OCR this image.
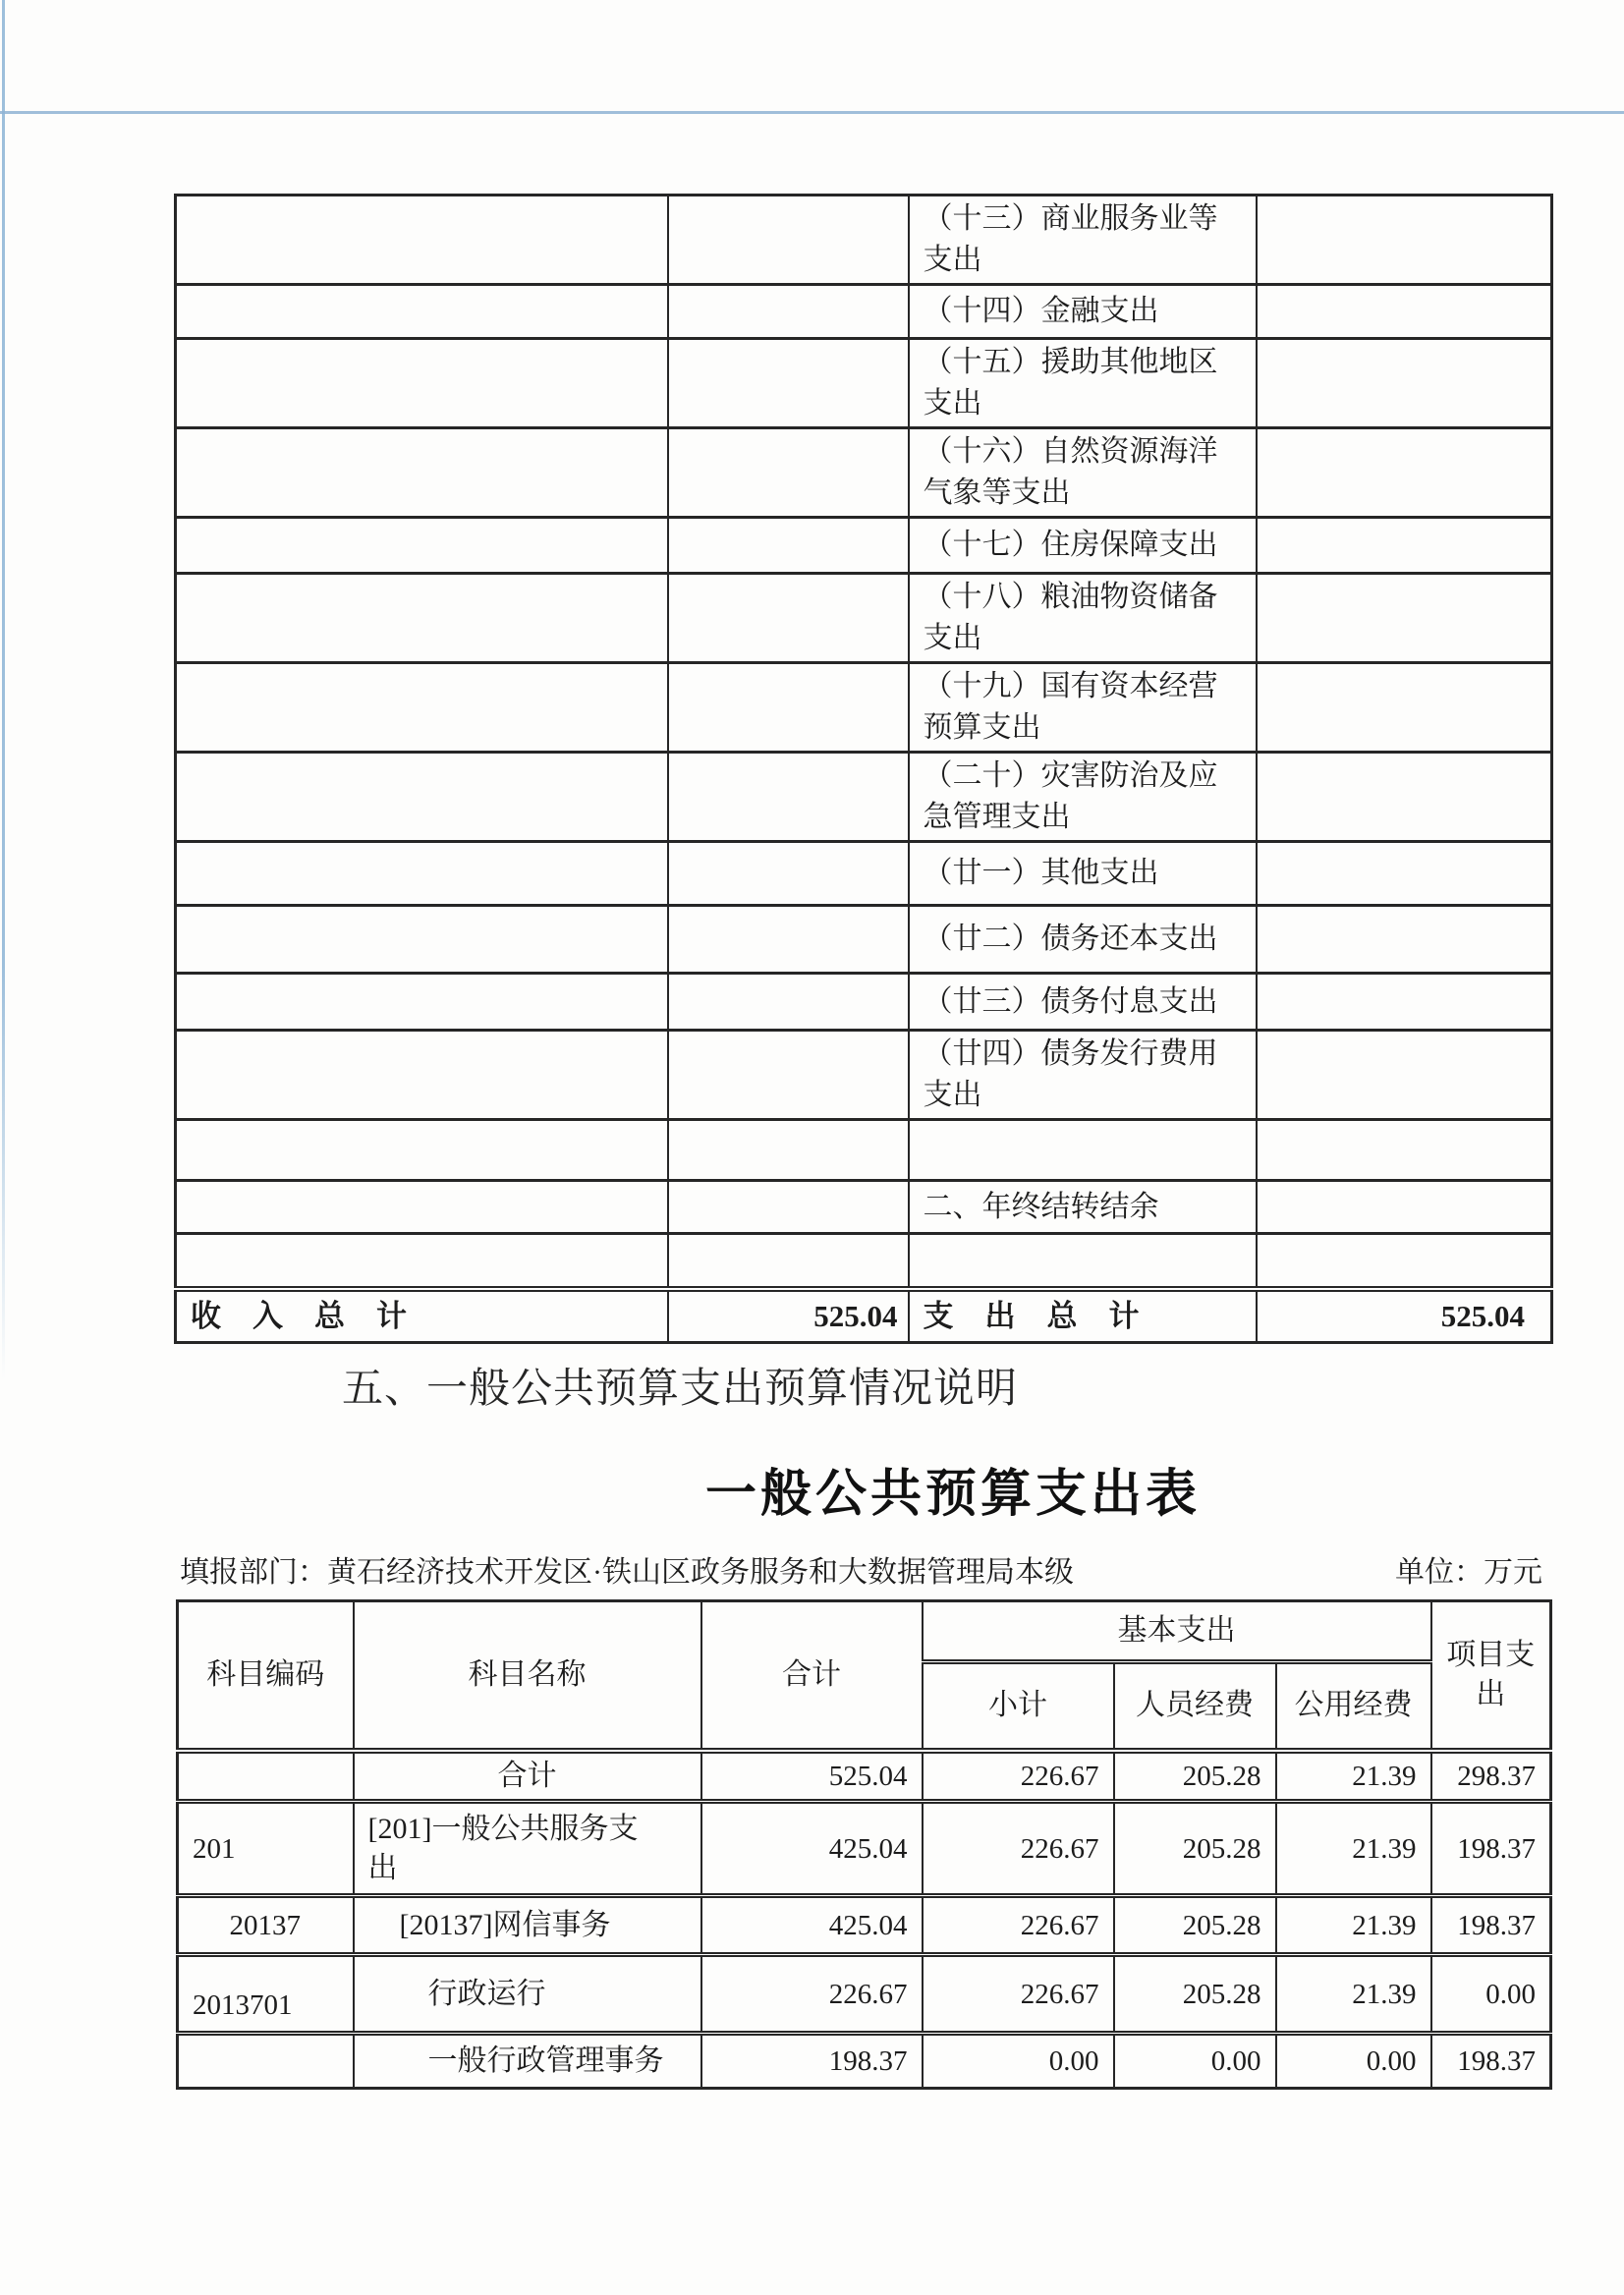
		（十三）商业服务业等支出	
		（十四）金融支出	
		（十五）援助其他地区支出	
		（十六）自然资源海洋气象等支出	
		（十七）住房保障支出	
		（十八）粮油物资储备支出	
		（十九）国有资本经营预算支出	
		（二十）灾害防治及应急管理支出	
		（廿一）其他支出	
		（廿二）债务还本支出	
		（廿三）债务付息支出	
		（廿四）债务发行费用支出	

		二、年终结转结余	

收入总计	525.04	支出总计	525.04
五、一般公共预算支出预算情况说明
一般公共预算支出表
填报部门：黄石经济技术开发区·铁山区政务服务和大数据管理局本级	单位：万元
科目编码	科目名称	合计	基本支出			项目支出
			小计	人员经费	公用经费	
	合计	525.04	226.67	205.28	21.39	298.37
201	[201]一般公共服务支出	425.04	226.67	205.28	21.39	198.37
20137	[20137]网信事务	425.04	226.67	205.28	21.39	198.37
2013701	行政运行	226.67	226.67	205.28	21.39	0.00
	一般行政管理事务	198.37	0.00	0.00	0.00	198.37
